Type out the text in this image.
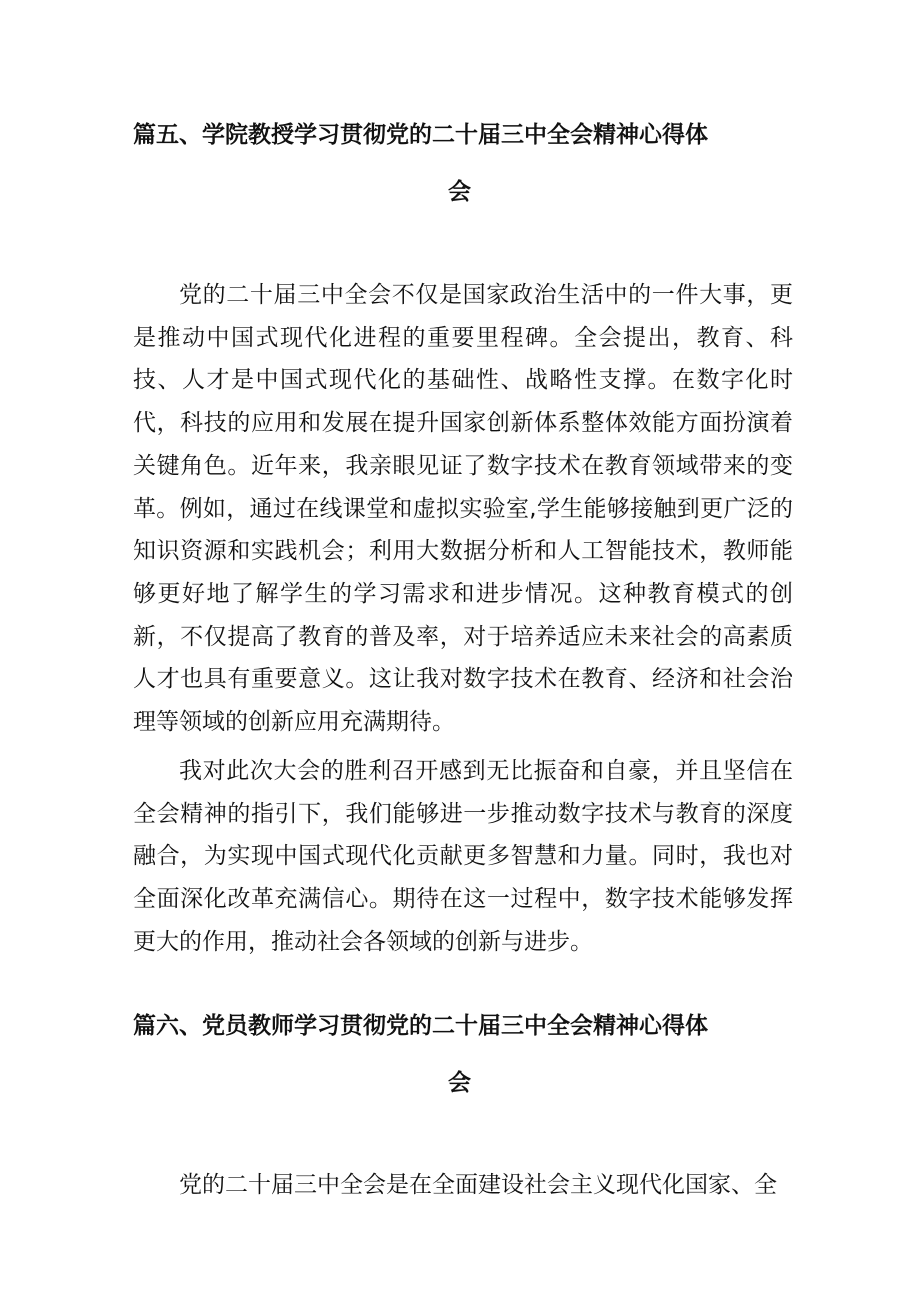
篇五、学院教授学习贯彻党的二十届三中全会精神心得体
会

党的二十届三中全会不仅是国家政治生活中的一件大事，更是推动中国式现代化进程的重要里程碑。全会提出，教育、科技、人才是中国式现代化的基础性、战略性支撑。在数字化时代，科技的应用和发展在提升国家创新体系整体效能方面扮演着关键角色。近年来，我亲眼见证了数字技术在教育领域带来的变革。例如，通过在线课堂和虚拟实验室,学生能够接触到更广泛的知识资源和实践机会；利用大数据分析和人工智能技术，教师能够更好地了解学生的学习需求和进步情况。这种教育模式的创新，不仅提高了教育的普及率，对于培养适应未来社会的高素质人才也具有重要意义。这让我对数字技术在教育、经济和社会治理等领域的创新应用充满期待。

我对此次大会的胜利召开感到无比振奋和自豪，并且坚信在全会精神的指引下，我们能够进一步推动数字技术与教育的深度融合，为实现中国式现代化贡献更多智慧和力量。同时，我也对全面深化改革充满信心。期待在这一过程中，数字技术能够发挥更大的作用，推动社会各领域的创新与进步。

篇六、党员教师学习贯彻党的二十届三中全会精神心得体
会

党的二十届三中全会是在全面建设社会主义现代化国家、全
